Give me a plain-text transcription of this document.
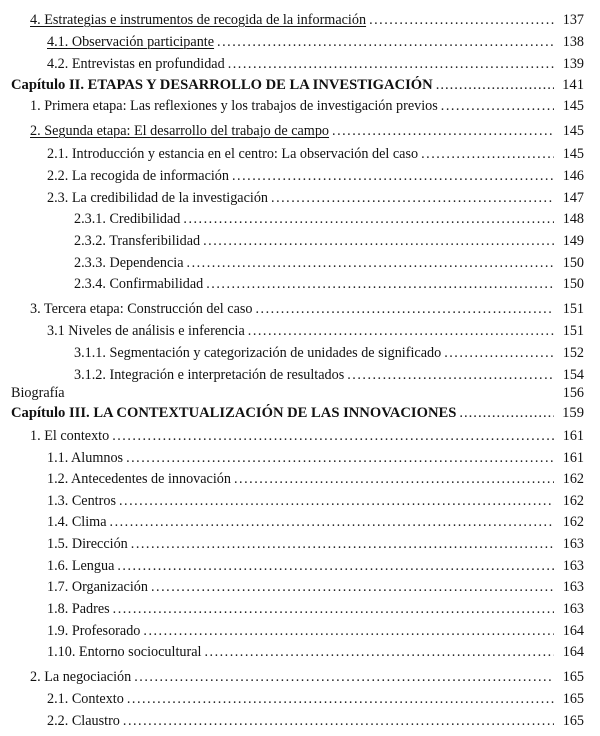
4. Estrategias e instrumentos de recogida de la información .....	137
4.1. Observación participante .....	138
4.2. Entrevistas en profundidad .....	139
Capítulo II. ETAPAS Y DESARROLLO DE LA INVESTIGACIÓN .....	141
1. Primera etapa: Las reflexiones y los trabajos de investigación previos .....	145
2. Segunda etapa: El desarrollo del trabajo de campo .....	145
2.1. Introducción y estancia en el centro: La observación del caso .....	145
2.2. La recogida de información .....	146
2.3. La credibilidad de la investigación .....	147
2.3.1. Credibilidad .....	148
2.3.2. Transferibilidad .....	149
2.3.3. Dependencia .....	150
2.3.4. Confirmabilidad .....	150
3. Tercera etapa: Construcción del caso .....	151
3.1 Niveles de análisis e inferencia .....	151
3.1.1. Segmentación y categorización de unidades de significado .....	152
3.1.2. Integración e interpretación de resultados .....	154
Biografía	156
Capítulo III. LA CONTEXTUALIZACIÓN DE LAS INNOVACIONES .....	159
1. El contexto .....	161
1.1. Alumnos .....	161
1.2. Antecedentes de innovación .....	162
1.3. Centros .....	162
1.4. Clima .....	162
1.5. Dirección .....	163
1.6. Lengua .....	163
1.7. Organización .....	163
1.8. Padres .....	163
1.9. Profesorado .....	164
1.10. Entorno sociocultural .....	164
2. La negociación .....	165
2.1. Contexto .....	165
2.2. Claustro .....	165
